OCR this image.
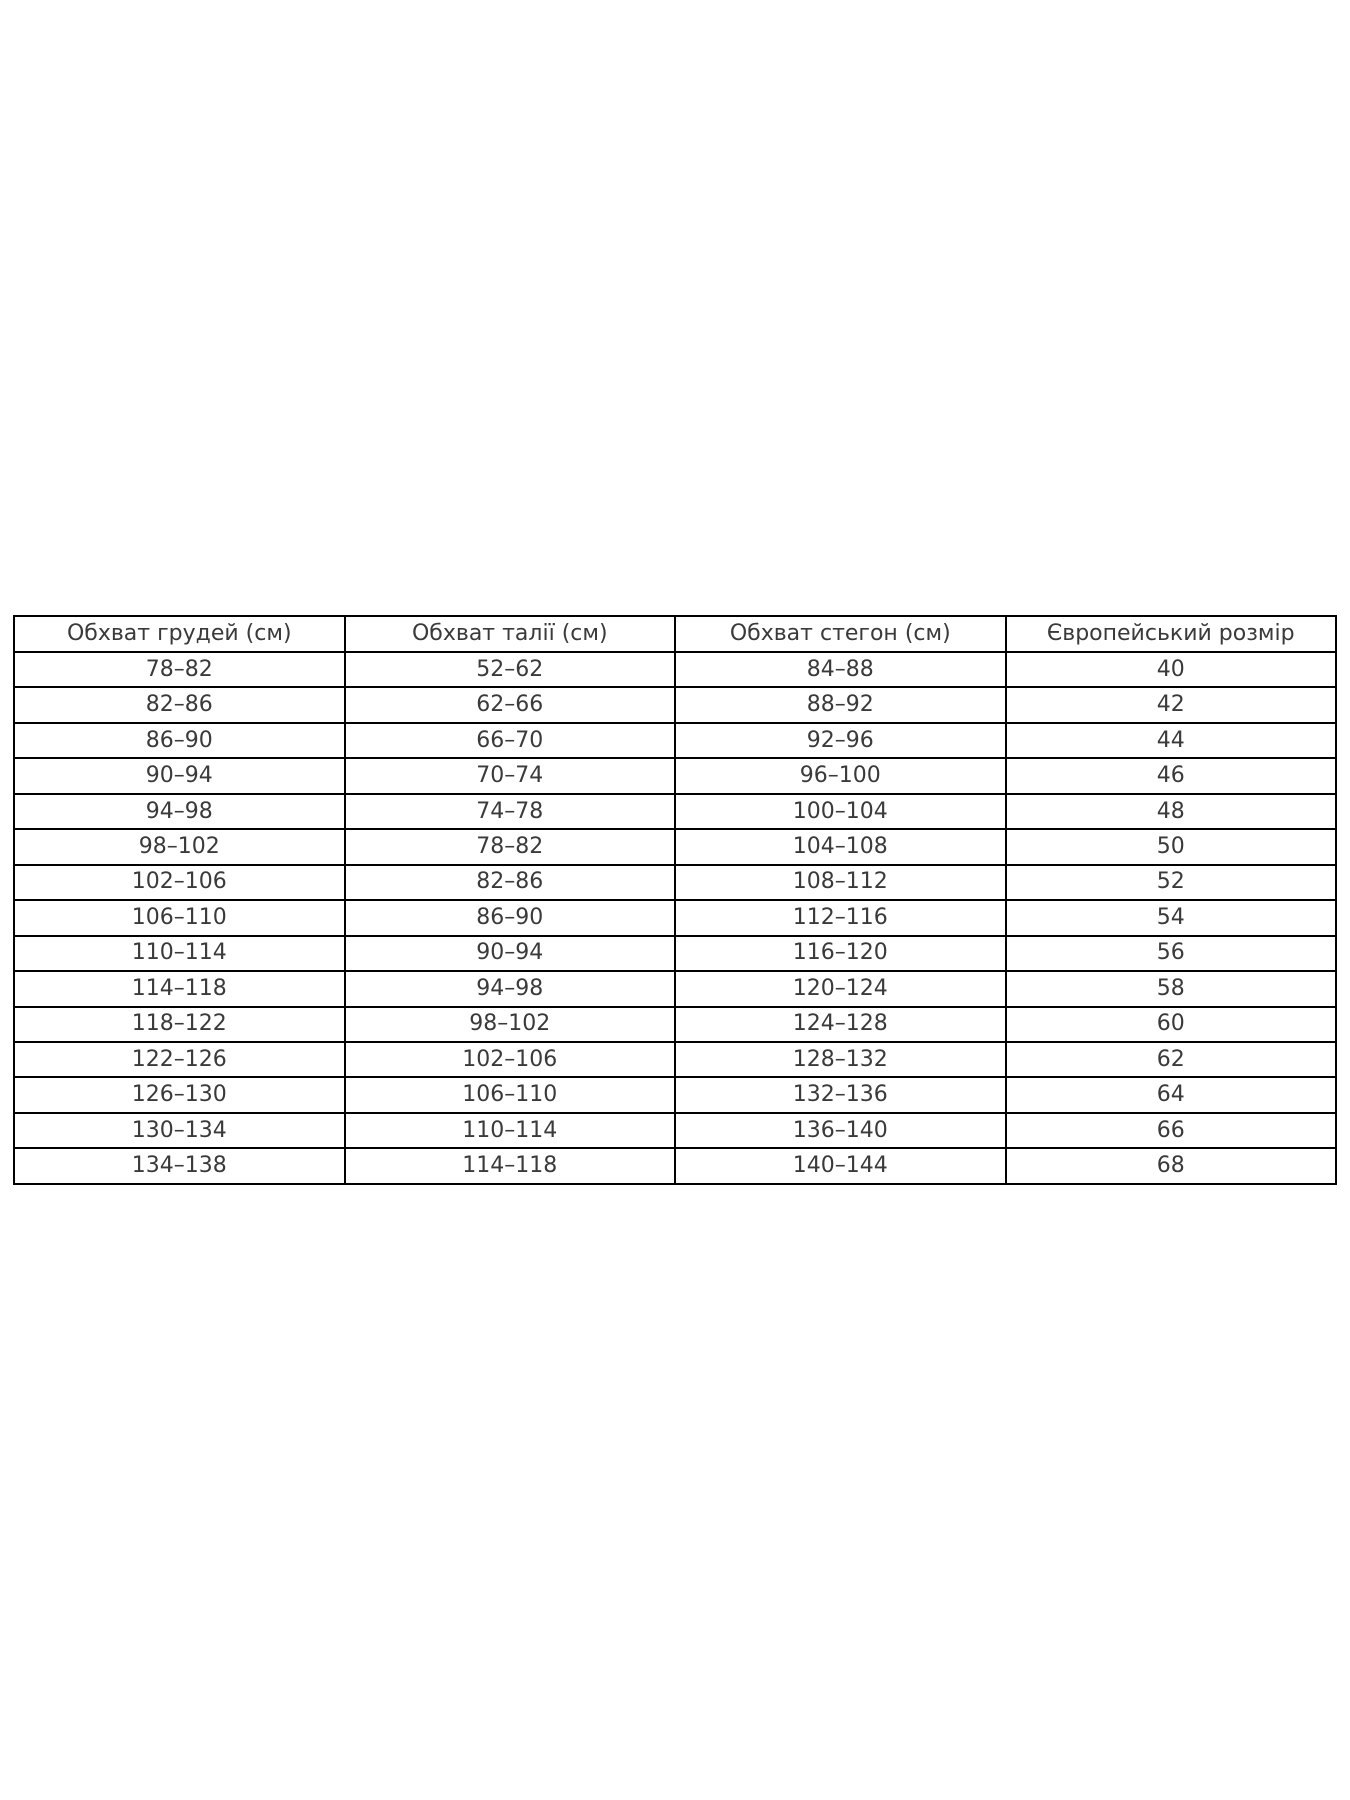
Обхват грудей (см)	Обхват талії (см)	Обхват стегон (см)	Європейський розмір
78–82	52–62	84–88	40
82–86	62–66	88–92	42
86–90	66–70	92–96	44
90–94	70–74	96–100	46
94–98	74–78	100–104	48
98–102	78–82	104–108	50
102–106	82–86	108–112	52
106–110	86–90	112–116	54
110–114	90–94	116–120	56
114–118	94–98	120–124	58
118–122	98–102	124–128	60
122–126	102–106	128–132	62
126–130	106–110	132–136	64
130–134	110–114	136–140	66
134–138	114–118	140–144	68
